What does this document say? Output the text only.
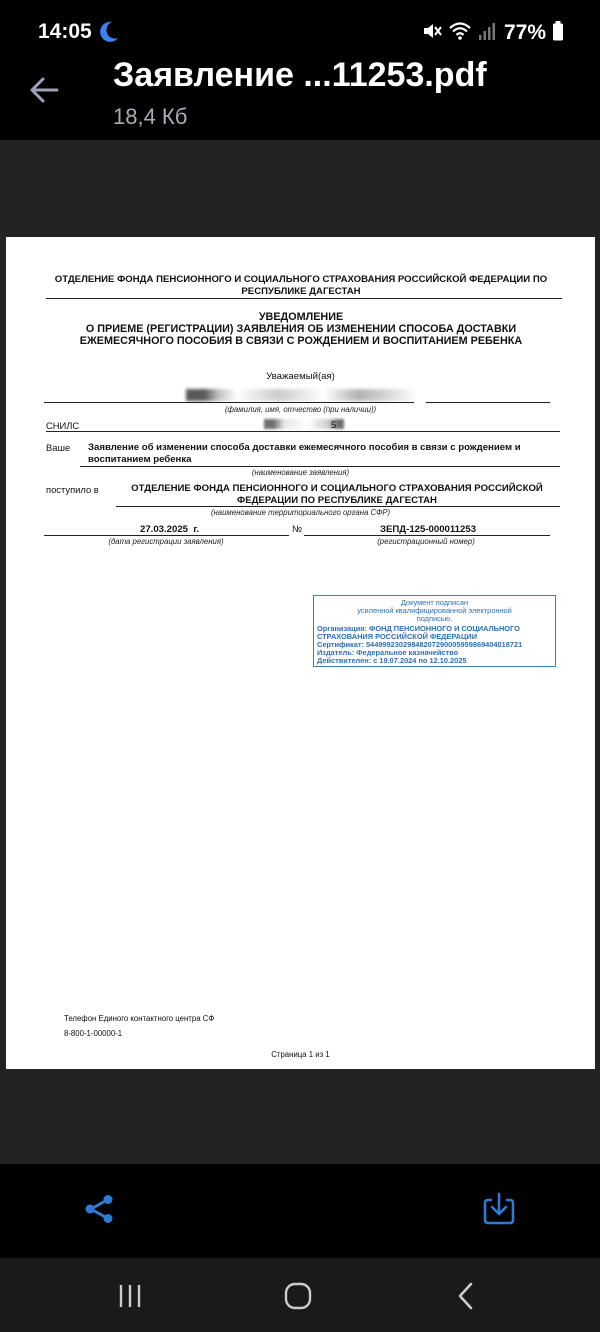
14:05	77%
Заявление ...11253.pdf
18,4 Кб
ОТДЕЛЕНИЕ ФОНДА ПЕНСИОННОГО И СОЦИАЛЬНОГО СТРАХОВАНИЯ РОССИЙСКОЙ ФЕДЕРАЦИИ ПО
РЕСПУБЛИКЕ ДАГЕСТАН
УВЕДОМЛЕНИЕ
О ПРИЕМЕ (РЕГИСТРАЦИИ) ЗАЯВЛЕНИЯ ОБ ИЗМЕНЕНИИ СПОСОБА ДОСТАВКИ
ЕЖЕМЕСЯЧНОГО ПОСОБИЯ В СВЯЗИ С РОЖДЕНИЕМ И ВОСПИТАНИЕМ РЕБЕНКА
Уважаемый(ая)
(фамилия, имя, отчество (при наличии))
СНИЛС	5
Ваше Заявление об изменении способа доставки ежемесячного пособия в связи с рождением и
воспитанием ребенка
(наименование заявления)
поступило в	ОТДЕЛЕНИЕ ФОНДА ПЕНСИОННОГО И СОЦИАЛЬНОГО СТРАХОВАНИЯ РОССИЙСКОЙ
ФЕДЕРАЦИИ ПО РЕСПУБЛИКЕ ДАГЕСТАН
(наименование территориального органа СФР)
27.03.2025 г.	№	ЗЕПД-125-000011253
(дата регистрации заявления)	(регистрационный номер)
Документ подписан
усиленной квалифицированной электронной
подписью.
Организация: ФОНД ПЕНСИОННОГО И СОЦИАЛЬНОГО
СТРАХОВАНИЯ РОССИЙСКОЙ ФЕДЕРАЦИИ
Сертификат: 5449992302984820729000595986940401872​1
Издатель: Федеральное казначейство
Действителен: с 19.07.2024 по 12.10.2025
Телефон Единого контактного центра СФ
8-800-1-00000-1
Страница 1 из 1
